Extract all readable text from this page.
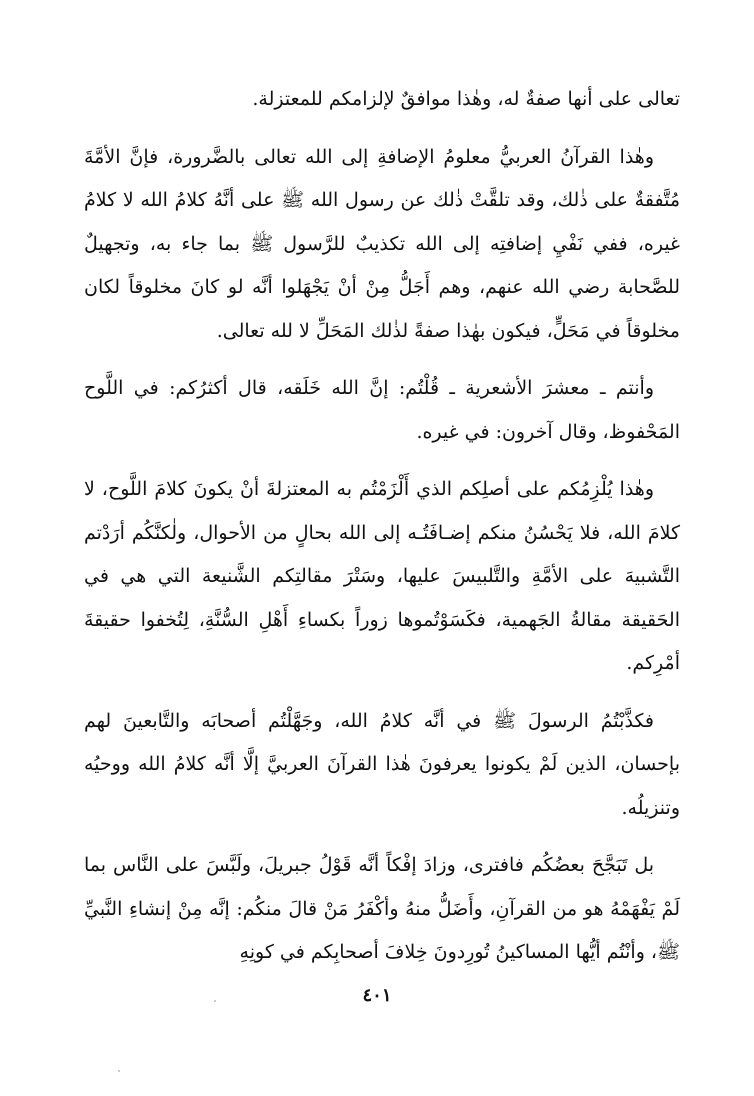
تعالى على أنها صفةٌ له، وهٰذا موافقٌ لإلزامكم للمعتزلة.

وهٰذا القرآنُ العربيُّ معلومُ الإضافةِ إلى الله تعالى بالضَّرورة، فإنَّ الأمَّةَ مُتَّفقةٌ على ذٰلك، وقد تلقَّتْ ذٰلك عن رسول الله ﷺ على أنَّهُ كلامُ الله لا كلامُ غيره، ففي نَفْيِ إضافتِه إلى الله تكذيبٌ للرَّسول ﷺ بما جاء به، وتجهيلٌ للصَّحابة رضي الله عنهم، وهم أَجَلُّ مِنْ أنْ يَجْهَلوا أنَّه لو كانَ مخلوقاً لكان مخلوقاً في مَحَلٍّ، فيكون بهٰذا صفةً لذٰلك المَحَلِّ لا لله تعالى.

وأنتم ـ معشرَ الأشعرية ـ قُلْتُم: إنَّ الله خَلَقه، قال أكثرُكم: في اللَّوح المَحْفوظ، وقال آخرون: في غيره.

وهٰذا يُلْزِمُكم على أصلِكم الذي أَلْزَمْتُم به المعتزلةَ أنْ يكونَ كلامَ اللَّوح، لا كلامَ الله، فلا يَحْسُنُ منكم إضـافَتُـه إلى الله بحالٍ من الأحوال، ولٰكنَّكُم أرَدْتم التَّشبيهَ على الأمَّةِ والتَّلبيسَ عليها، وسَتْرَ مقالتِكم الشَّنيعة التي هي في الحَقيقة مقالةُ الجَهمية، فكَسَوْتُموها زوراً بكساءِ أَهْلِ السُّنَّةِ، لِتُخفوا حقيقةَ أمْرِكم.

فكذَّبْتُمُ الرسولَ ﷺ في أنَّه كلامُ الله، وجَهَّلْتُم أصحابَه والتَّابعينَ لهم بإحسان، الذين لَمْ يكونوا يعرفونَ هٰذا القرآنَ العربيَّ إلَّا أنَّه كلامُ الله ووحيُه وتنزيلُه.

بل تَبَجَّحَ بعضُكُم فافترى، وزادَ إفْكاً أنَّه قَوْلُ جبريلَ، ولَبَّسَ على النَّاس بما لَمْ يَفْهَمْهُ هو من القرآنِ، وأَضَلُّ منهُ وأكْفَرُ مَنْ قالَ منكُم: إنَّه مِنْ إنشاءِ النَّبيِّ ﷺ، وأنْتُم أيُّها المساكينُ تُورِدونَ خِلافَ أصحابِكم في كونِهِ

٤٠١
